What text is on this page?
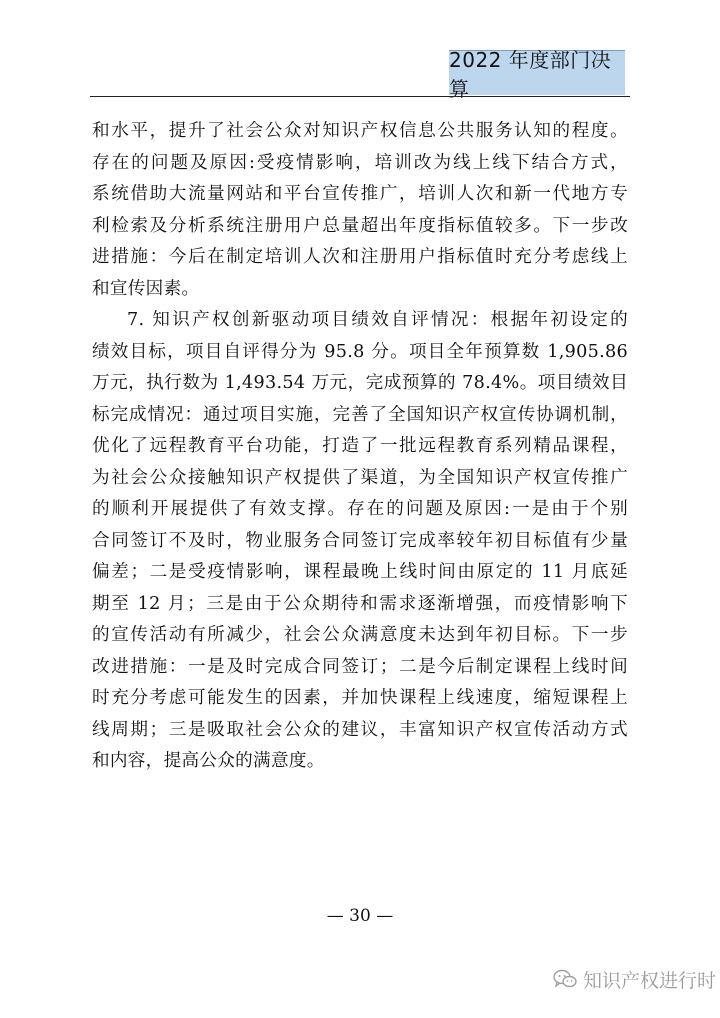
2022 年度部门决算
和水平，提升了社会公众对知识产权信息公共服务认知的程度。
存在的问题及原因:受疫情影响，培训改为线上线下结合方式，
系统借助大流量网站和平台宣传推广，培训人次和新一代地方专
利检索及分析系统注册用户总量超出年度指标值较多。下一步改
进措施：今后在制定培训人次和注册用户指标值时充分考虑线上
和宣传因素。
7. 知识产权创新驱动项目绩效自评情况：根据年初设定的
绩效目标，项目自评得分为 95.8 分。项目全年预算数 1,905.86
万元，执行数为 1,493.54 万元，完成预算的 78.4%。项目绩效目
标完成情况：通过项目实施，完善了全国知识产权宣传协调机制，
优化了远程教育平台功能，打造了一批远程教育系列精品课程，
为社会公众接触知识产权提供了渠道，为全国知识产权宣传推广
的顺利开展提供了有效支撑。存在的问题及原因:一是由于个别
合同签订不及时，物业服务合同签订完成率较年初目标值有少量
偏差；二是受疫情影响，课程最晚上线时间由原定的 11 月底延
期至 12 月；三是由于公众期待和需求逐渐增强，而疫情影响下
的宣传活动有所减少，社会公众满意度未达到年初目标。下一步
改进措施：一是及时完成合同签订；二是今后制定课程上线时间
时充分考虑可能发生的因素，并加快课程上线速度，缩短课程上
线周期；三是吸取社会公众的建议，丰富知识产权宣传活动方式
和内容，提高公众的满意度。
— 30 —
知识产权进行时
